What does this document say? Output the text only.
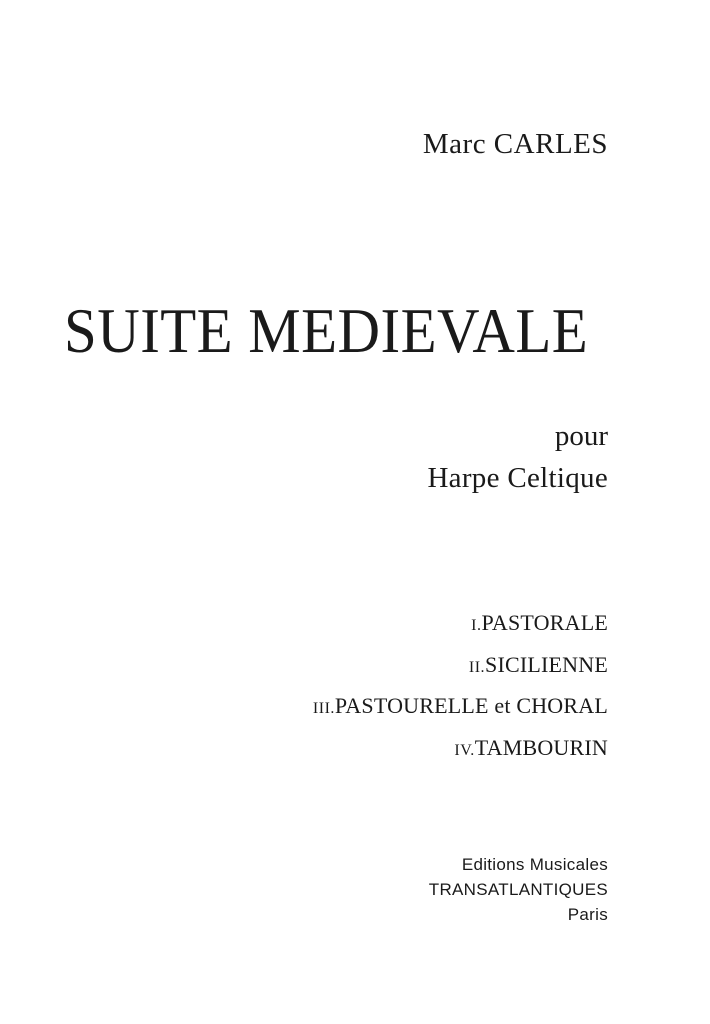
Marc CARLES
SUITE MEDIEVALE
pour
Harpe Celtique
I.PASTORALE
II.SICILIENNE
III.PASTOURELLE et CHORAL
IV.TAMBOURIN
Editions Musicales
TRANSATLANTIQUES
Paris
